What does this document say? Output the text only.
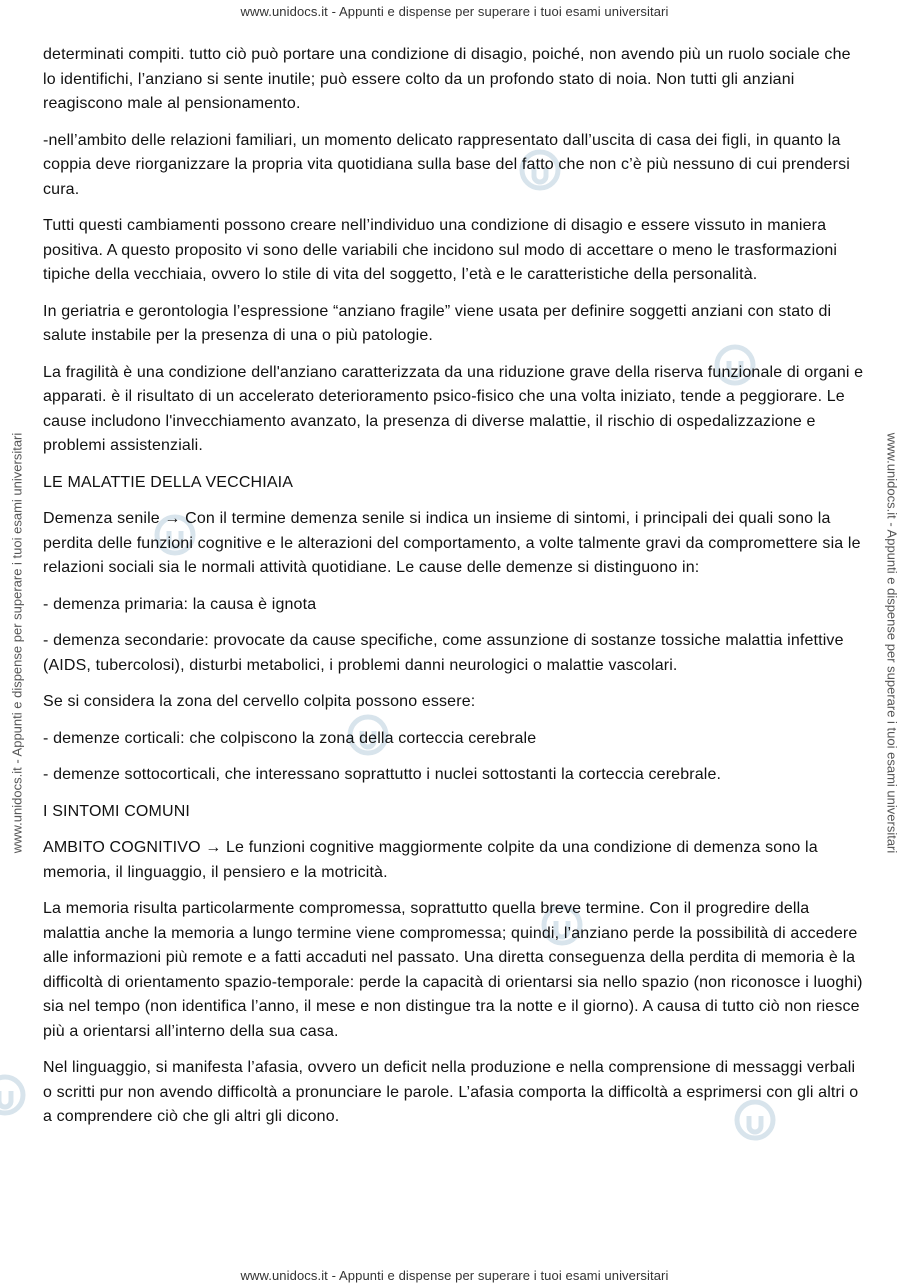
www.unidocs.it - Appunti e dispense per superare i tuoi esami universitari
www.unidocs.it - Appunti e dispense per superare i tuoi esami universitari
www.unidocs.it - Appunti e dispense per superare i tuoi esami universitari	www.unidocs.it - Appunti e dispense per superare i tuoi esami universitari

determinati compiti. tutto ciò può portare una condizione di disagio, poiché, non avendo più un ruolo sociale che lo identifichi, l’anziano si sente inutile; può essere colto da un profondo stato di noia. Non tutti gli anziani reagiscono male al pensionamento.

-nell’ambito delle relazioni familiari, un momento delicato rappresentato dall’uscita di casa dei figli, in quanto la coppia deve riorganizzare la propria vita quotidiana sulla base del fatto che non c’è più nessuno di cui prendersi cura.

Tutti questi cambiamenti possono creare nell’individuo una condizione di disagio e essere vissuto in maniera positiva. A questo proposito vi sono delle variabili che incidono sul modo di accettare o meno le trasformazioni tipiche della vecchiaia, ovvero lo stile di vita del soggetto, l’età e le caratteristiche della personalità.

In geriatria e gerontologia l’espressione “anziano fragile” viene usata per definire soggetti anziani con stato di salute instabile per la presenza di una o più patologie.

La fragilità è una condizione dell'anziano caratterizzata da una riduzione grave della riserva funzionale di organi e apparati. è il risultato di un accelerato deterioramento psico-fisico che una volta iniziato, tende a peggiorare. Le cause includono l'invecchiamento avanzato, la presenza di diverse malattie, il rischio di ospedalizzazione e problemi assistenziali.

LE MALATTIE DELLA VECCHIAIA

Demenza senile → Con il termine demenza senile si indica un insieme di sintomi, i principali dei quali sono la perdita delle funzioni cognitive e le alterazioni del comportamento, a volte talmente gravi da compromettere sia le relazioni sociali sia le normali attività quotidiane. Le cause delle demenze si distinguono in:

- demenza primaria: la causa è ignota

- demenza secondarie: provocate da cause specifiche, come assunzione di sostanze tossiche malattia infettive (AIDS, tubercolosi), disturbi metabolici, i problemi danni neurologici o malattie vascolari.

Se si considera la zona del cervello colpita possono essere:

- demenze corticali: che colpiscono la zona della corteccia cerebrale

- demenze sottocorticali, che interessano soprattutto i nuclei sottostanti la corteccia cerebrale.

I SINTOMI COMUNI

AMBITO COGNITIVO → Le funzioni cognitive maggiormente colpite da una condizione di demenza sono la memoria, il linguaggio, il pensiero e la motricità.

La memoria risulta particolarmente compromessa, soprattutto quella breve termine. Con il progredire della malattia anche la memoria a lungo termine viene compromessa; quindi, l’anziano perde la possibilità di accedere alle informazioni più remote e a fatti accaduti nel passato. Una diretta conseguenza della perdita di memoria è la difficoltà di orientamento spazio-temporale: perde la capacità di orientarsi sia nello spazio (non riconosce i luoghi) sia nel tempo (non identifica l’anno, il mese e non distingue tra la notte e il giorno). A causa di tutto ciò non riesce più a orientarsi all’interno della sua casa.

Nel linguaggio, si manifesta l’afasia, ovvero un deficit nella produzione e nella comprensione di messaggi verbali o scritti pur non avendo difficoltà a pronunciare le parole. L’afasia comporta la difficoltà a esprimersi con gli altri o a comprendere ciò che gli altri gli dicono.
